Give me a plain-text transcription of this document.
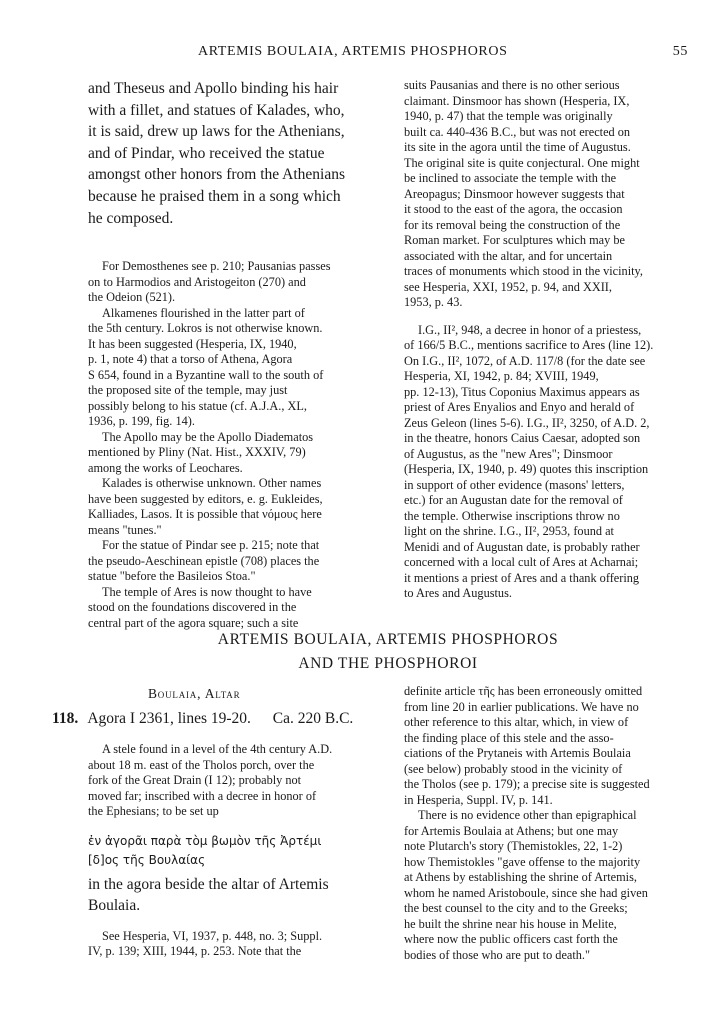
ARTEMIS BOULAIA, ARTEMIS PHOSPHOROS	55

and Theseus and Apollo binding his hair
with a fillet, and statues of Kalades, who,
it is said, drew up laws for the Athenians,
and of Pindar, who received the statue
amongst other honors from the Athenians
because he praised them in a song which
he composed.

For Demosthenes see p. 210; Pausanias passes
on to Harmodios and Aristogeiton (270) and
the Odeion (521).

Alkamenes flourished in the latter part of
the 5th century. Lokros is not otherwise known.
It has been suggested (Hesperia, IX, 1940,
p. 1, note 4) that a torso of Athena, Agora
S 654, found in a Byzantine wall to the south of
the proposed site of the temple, may just
possibly belong to his statue (cf. A.J.A., XL,
1936, p. 199, fig. 14).

The Apollo may be the Apollo Diadematos
mentioned by Pliny (Nat. Hist., XXXIV, 79)
among the works of Leochares.

Kalades is otherwise unknown. Other names
have been suggested by editors, e. g. Eukleides,
Kalliades, Lasos. It is possible that νόμους here
means "tunes."

For the statue of Pindar see p. 215; note that
the pseudo-Aeschinean epistle (708) places the
statue "before the Basileios Stoa."

The temple of Ares is now thought to have
stood on the foundations discovered in the
central part of the agora square; such a site

suits Pausanias and there is no other serious
claimant. Dinsmoor has shown (Hesperia, IX,
1940, p. 47) that the temple was originally
built ca. 440-436 B.C., but was not erected on
its site in the agora until the time of Augustus.
The original site is quite conjectural. One might
be inclined to associate the temple with the
Areopagus; Dinsmoor however suggests that
it stood to the east of the agora, the occasion
for its removal being the construction of the
Roman market. For sculptures which may be
associated with the altar, and for uncertain
traces of monuments which stood in the vicinity,
see Hesperia, XXI, 1952, p. 94, and XXII,
1953, p. 43.

I.G., II², 948, a decree in honor of a priestess,
of 166/5 B.C., mentions sacrifice to Ares (line 12).
On I.G., II², 1072, of A.D. 117/8 (for the date see
Hesperia, XI, 1942, p. 84; XVIII, 1949,
pp. 12-13), Titus Coponius Maximus appears as
priest of Ares Enyalios and Enyo and herald of
Zeus Geleon (lines 5-6). I.G., II², 3250, of A.D. 2,
in the theatre, honors Caius Caesar, adopted son
of Augustus, as the "new Ares"; Dinsmoor
(Hesperia, IX, 1940, p. 49) quotes this inscription
in support of other evidence (masons' letters,
etc.) for an Augustan date for the removal of
the temple. Otherwise inscriptions throw no
light on the shrine. I.G., II², 2953, found at
Menidi and of Augustan date, is probably rather
concerned with a local cult of Ares at Acharnai;
it mentions a priest of Ares and a thank offering
to Ares and Augustus.

ARTEMIS BOULAIA, ARTEMIS PHOSPHOROS
AND THE PHOSPHOROI
Boulaia, Altar
118. Agora I 2361, lines 19-20. Ca. 220 B.C.

A stele found in a level of the 4th century A.D.
about 18 m. east of the Tholos porch, over the
fork of the Great Drain (I 12); probably not
moved far; inscribed with a decree in honor of
the Ephesians; to be set up

ἐν ἀγορᾶι παρὰ τὸμ βωμὸν τῆς Ἀρτέμι
[δ]ος τῆς Βουλαίας

in the agora beside the altar of Artemis
Boulaia.

See Hesperia, VI, 1937, p. 448, no. 3; Suppl.
IV, p. 139; XIII, 1944, p. 253. Note that the

definite article τῆς has been erroneously omitted
from line 20 in earlier publications. We have no
other reference to this altar, which, in view of
the finding place of this stele and the asso-
ciations of the Prytaneis with Artemis Boulaia
(see below) probably stood in the vicinity of
the Tholos (see p. 179); a precise site is suggested
in Hesperia, Suppl. IV, p. 141.

There is no evidence other than epigraphical
for Artemis Boulaia at Athens; but one may
note Plutarch's story (Themistokles, 22, 1-2)
how Themistokles "gave offense to the majority
at Athens by establishing the shrine of Artemis,
whom he named Aristoboule, since she had given
the best counsel to the city and to the Greeks;
he built the shrine near his house in Melite,
where now the public officers cast forth the
bodies of those who are put to death."
